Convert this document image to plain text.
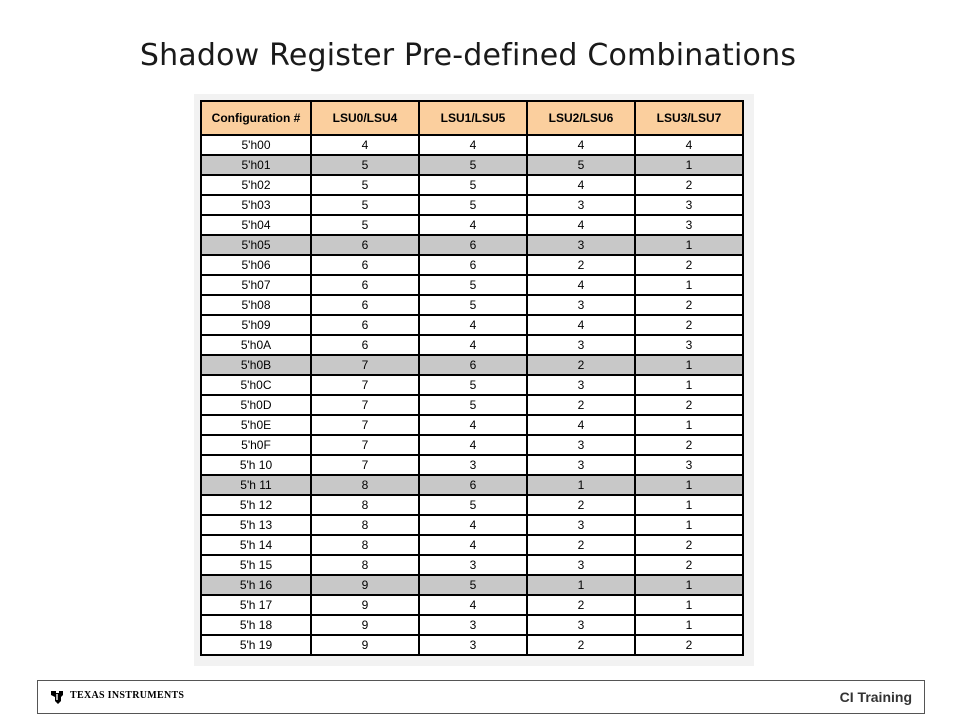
Shadow Register Pre-defined Combinations
Configuration #	LSU0/LSU4	LSU1/LSU5	LSU2/LSU6	LSU3/LSU7
5'h00	4	4	4	4
5'h01	5	5	5	1
5'h02	5	5	4	2
5'h03	5	5	3	3
5'h04	5	4	4	3
5'h05	6	6	3	1
5'h06	6	6	2	2
5'h07	6	5	4	1
5'h08	6	5	3	2
5'h09	6	4	4	2
5'h0A	6	4	3	3
5'h0B	7	6	2	1
5'h0C	7	5	3	1
5'h0D	7	5	2	2
5'h0E	7	4	4	1
5'h0F	7	4	3	2
5'h 10	7	3	3	3
5'h 11	8	6	1	1
5'h 12	8	5	2	1
5'h 13	8	4	3	1
5'h 14	8	4	2	2
5'h 15	8	3	3	2
5'h 16	9	5	1	1
5'h 17	9	4	2	1
5'h 18	9	3	3	1
5'h 19	9	3	2	2
TEXAS INSTRUMENTS	CI Training
